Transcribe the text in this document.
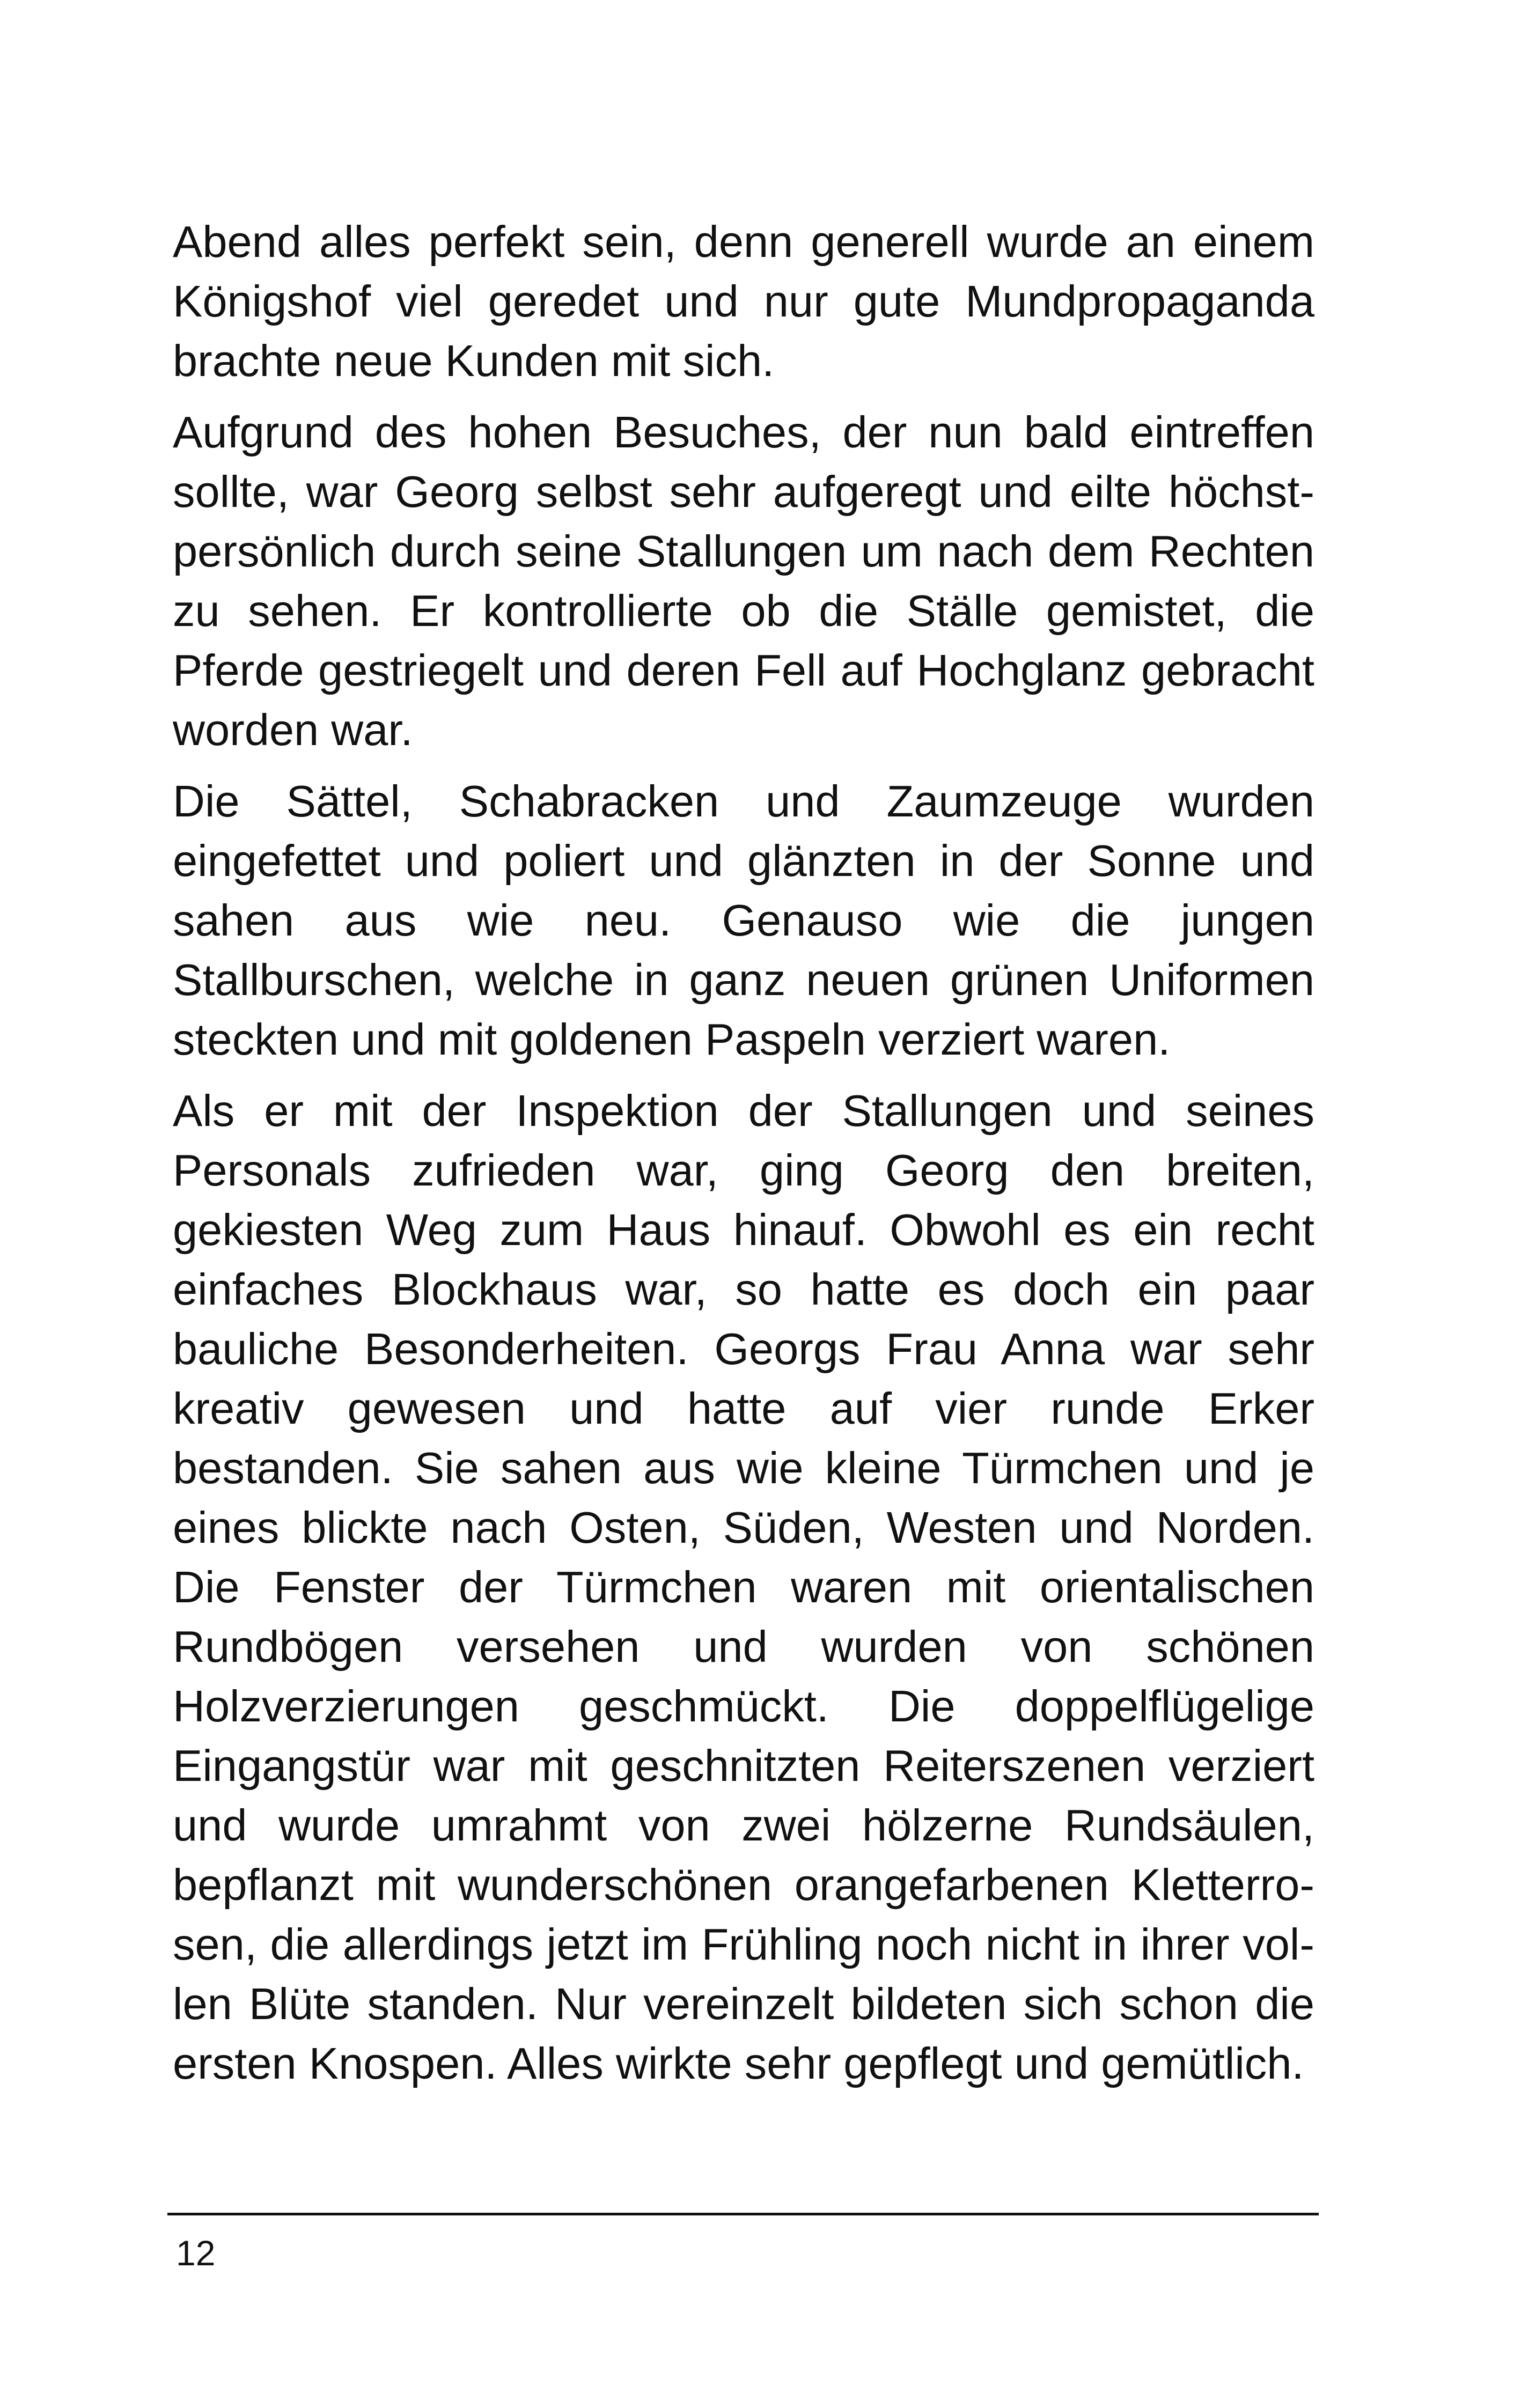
Abend alles perfekt sein, denn generell wurde an einem Königshof viel geredet und nur gute Mundpropaganda brachte neue Kunden mit sich.

Aufgrund des hohen Besuches, der nun bald eintreffen sollte, war Georg selbst sehr aufgeregt und eilte höchstpersönlich durch seine Stallungen um nach dem Rechten zu sehen. Er kontrollierte ob die Ställe gemistet, die Pferde gestriegelt und deren Fell auf Hochglanz gebracht worden war.

Die Sättel, Schabracken und Zaumzeuge wurden eingefettet und poliert und glänzten in der Sonne und sahen aus wie neu. Genauso wie die jungen Stallburschen, welche in ganz neuen grünen Uniformen steckten und mit goldenen Paspeln verziert waren.

Als er mit der Inspektion der Stallungen und seines Personals zufrieden war, ging Georg den breiten, gekiesten Weg zum Haus hinauf. Obwohl es ein recht einfaches Blockhaus war, so hatte es doch ein paar bauliche Besonderheiten. Georgs Frau Anna war sehr kreativ gewesen und hatte auf vier runde Erker bestanden. Sie sahen aus wie kleine Türmchen und je eines blickte nach Osten, Süden, Westen und Norden. Die Fenster der Türmchen waren mit orientalischen Rundbögen versehen und wurden von schönen Holzverzierungen geschmückt. Die doppelflügelige Eingangstür war mit geschnitzten Reiterszenen verziert und wurde umrahmt von zwei hölzerne Rundsäulen, bepflanzt mit wunderschönen orangefarbenen Kletterrosen, die allerdings jetzt im Frühling noch nicht in ihrer vollen Blüte standen. Nur vereinzelt bildeten sich schon die ersten Knospen. Alles wirkte sehr gepflegt und gemütlich.

12
